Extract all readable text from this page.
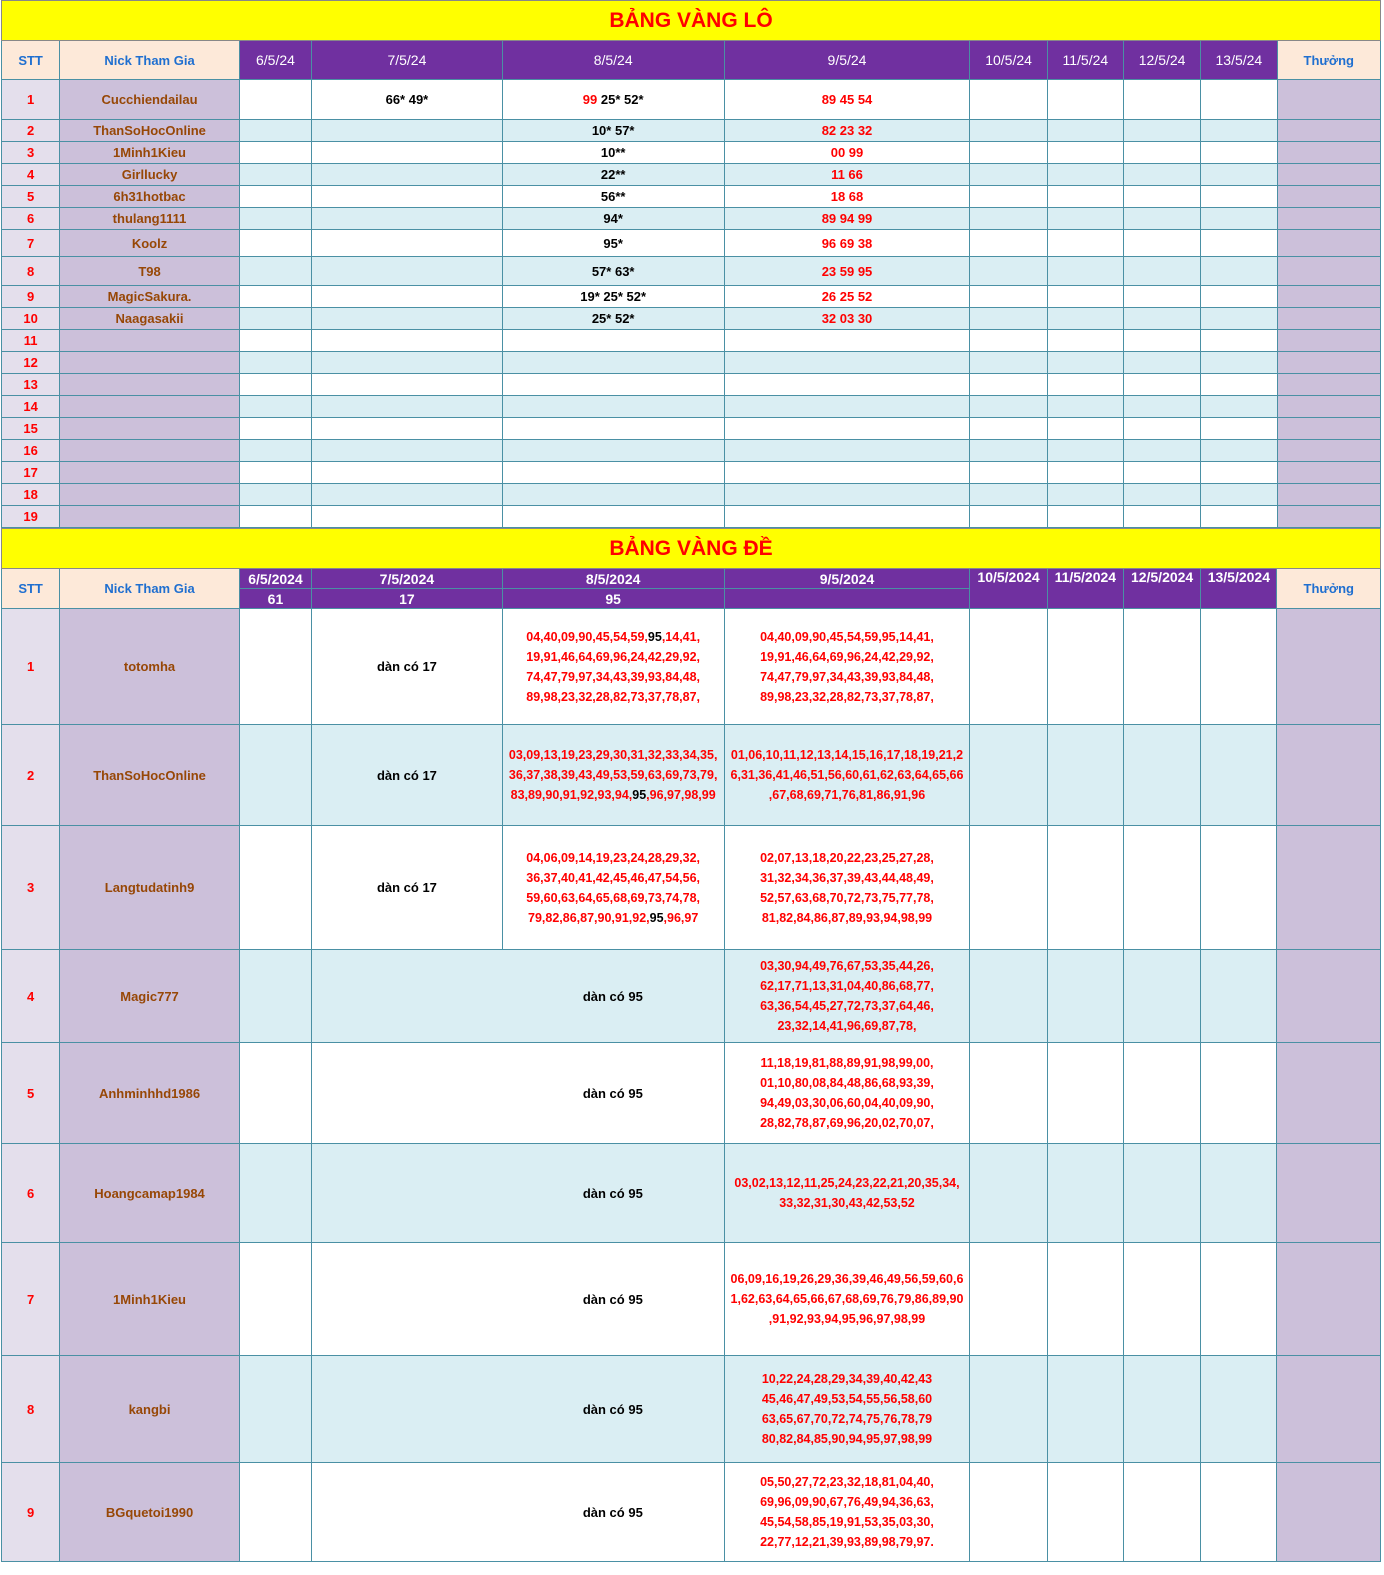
BẢNG VÀNG LÔ										
STT	Nick Tham Gia	6/5/24	7/5/24	8/5/24	9/5/24	10/5/24	11/5/24	12/5/24	13/5/24	Thưởng
1	Cucchiendailau		66* 49*	99 25* 52*	89 45 54					
2	ThanSoHocOnline			10* 57*	82 23 32					
3	1Minh1Kieu			10**	00 99					
4	Girllucky			22**	11 66					
5	6h31hotbac			56**	18 68					
6	thulang1111			94*	89 94 99					
7	Koolz			95*	96 69 38					
8	T98			57* 63*	23 59 95					
9	MagicSakura.			19* 25* 52*	26 25 52					
10	Naagasakii			25* 52*	32 03 30					
11										
12										
13										
14										
15										
16										
17										
18										
19										
BẢNG VÀNG ĐỀ										
STT	Nick Tham Gia	6/5/2024	7/5/2024	8/5/2024	9/5/2024	10/5/2024	11/5/2024	12/5/2024	13/5/2024	Thưởng
		61	17	95						
1	totomha		dàn có 17	04,40,09,90,45,54,59,95,14,41,
19,91,46,64,69,96,24,42,29,92,
74,47,79,97,34,43,39,93,84,48,
89,98,23,32,28,82,73,37,78,87,	04,40,09,90,45,54,59,95,14,41,
19,91,46,64,69,96,24,42,29,92,
74,47,79,97,34,43,39,93,84,48,
89,98,23,32,28,82,73,37,78,87,					
2	ThanSoHocOnline		dàn có 17	03,09,13,19,23,29,30,31,32,33,34,35,
36,37,38,39,43,49,53,59,63,69,73,79,
83,89,90,91,92,93,94,95,96,97,98,99	01,06,10,11,12,13,14,15,16,17,18,19,21,2
6,31,36,41,46,51,56,60,61,62,63,64,65,66
,67,68,69,71,76,81,86,91,96					
3	Langtudatinh9		dàn có 17	04,06,09,14,19,23,24,28,29,32,
36,37,40,41,42,45,46,47,54,56,
59,60,63,64,65,68,69,73,74,78,
79,82,86,87,90,91,92,95,96,97	02,07,13,18,20,22,23,25,27,28,
31,32,34,36,37,39,43,44,48,49,
52,57,63,68,70,72,73,75,77,78,
81,82,84,86,87,89,93,94,98,99					
4	Magic777		dàn có 95		03,30,94,49,76,67,53,35,44,26,
62,17,71,13,31,04,40,86,68,77,
63,36,54,45,27,72,73,37,64,46,
23,32,14,41,96,69,87,78,					
5	Anhminhhd1986		dàn có 95		11,18,19,81,88,89,91,98,99,00,
01,10,80,08,84,48,86,68,93,39,
94,49,03,30,06,60,04,40,09,90,
28,82,78,87,69,96,20,02,70,07,					
6	Hoangcamap1984		dàn có 95		03,02,13,12,11,25,24,23,22,21,20,35,34,
33,32,31,30,43,42,53,52					
7	1Minh1Kieu		dàn có 95		06,09,16,19,26,29,36,39,46,49,56,59,60,6
1,62,63,64,65,66,67,68,69,76,79,86,89,90
,91,92,93,94,95,96,97,98,99					
8	kangbi		dàn có 95		10,22,24,28,29,34,39,40,42,43
45,46,47,49,53,54,55,56,58,60
63,65,67,70,72,74,75,76,78,79
80,82,84,85,90,94,95,97,98,99					
9	BGquetoi1990		dàn có 95		05,50,27,72,23,32,18,81,04,40,
69,96,09,90,67,76,49,94,36,63,
45,54,58,85,19,91,53,35,03,30,
22,77,12,21,39,93,89,98,79,97.					
